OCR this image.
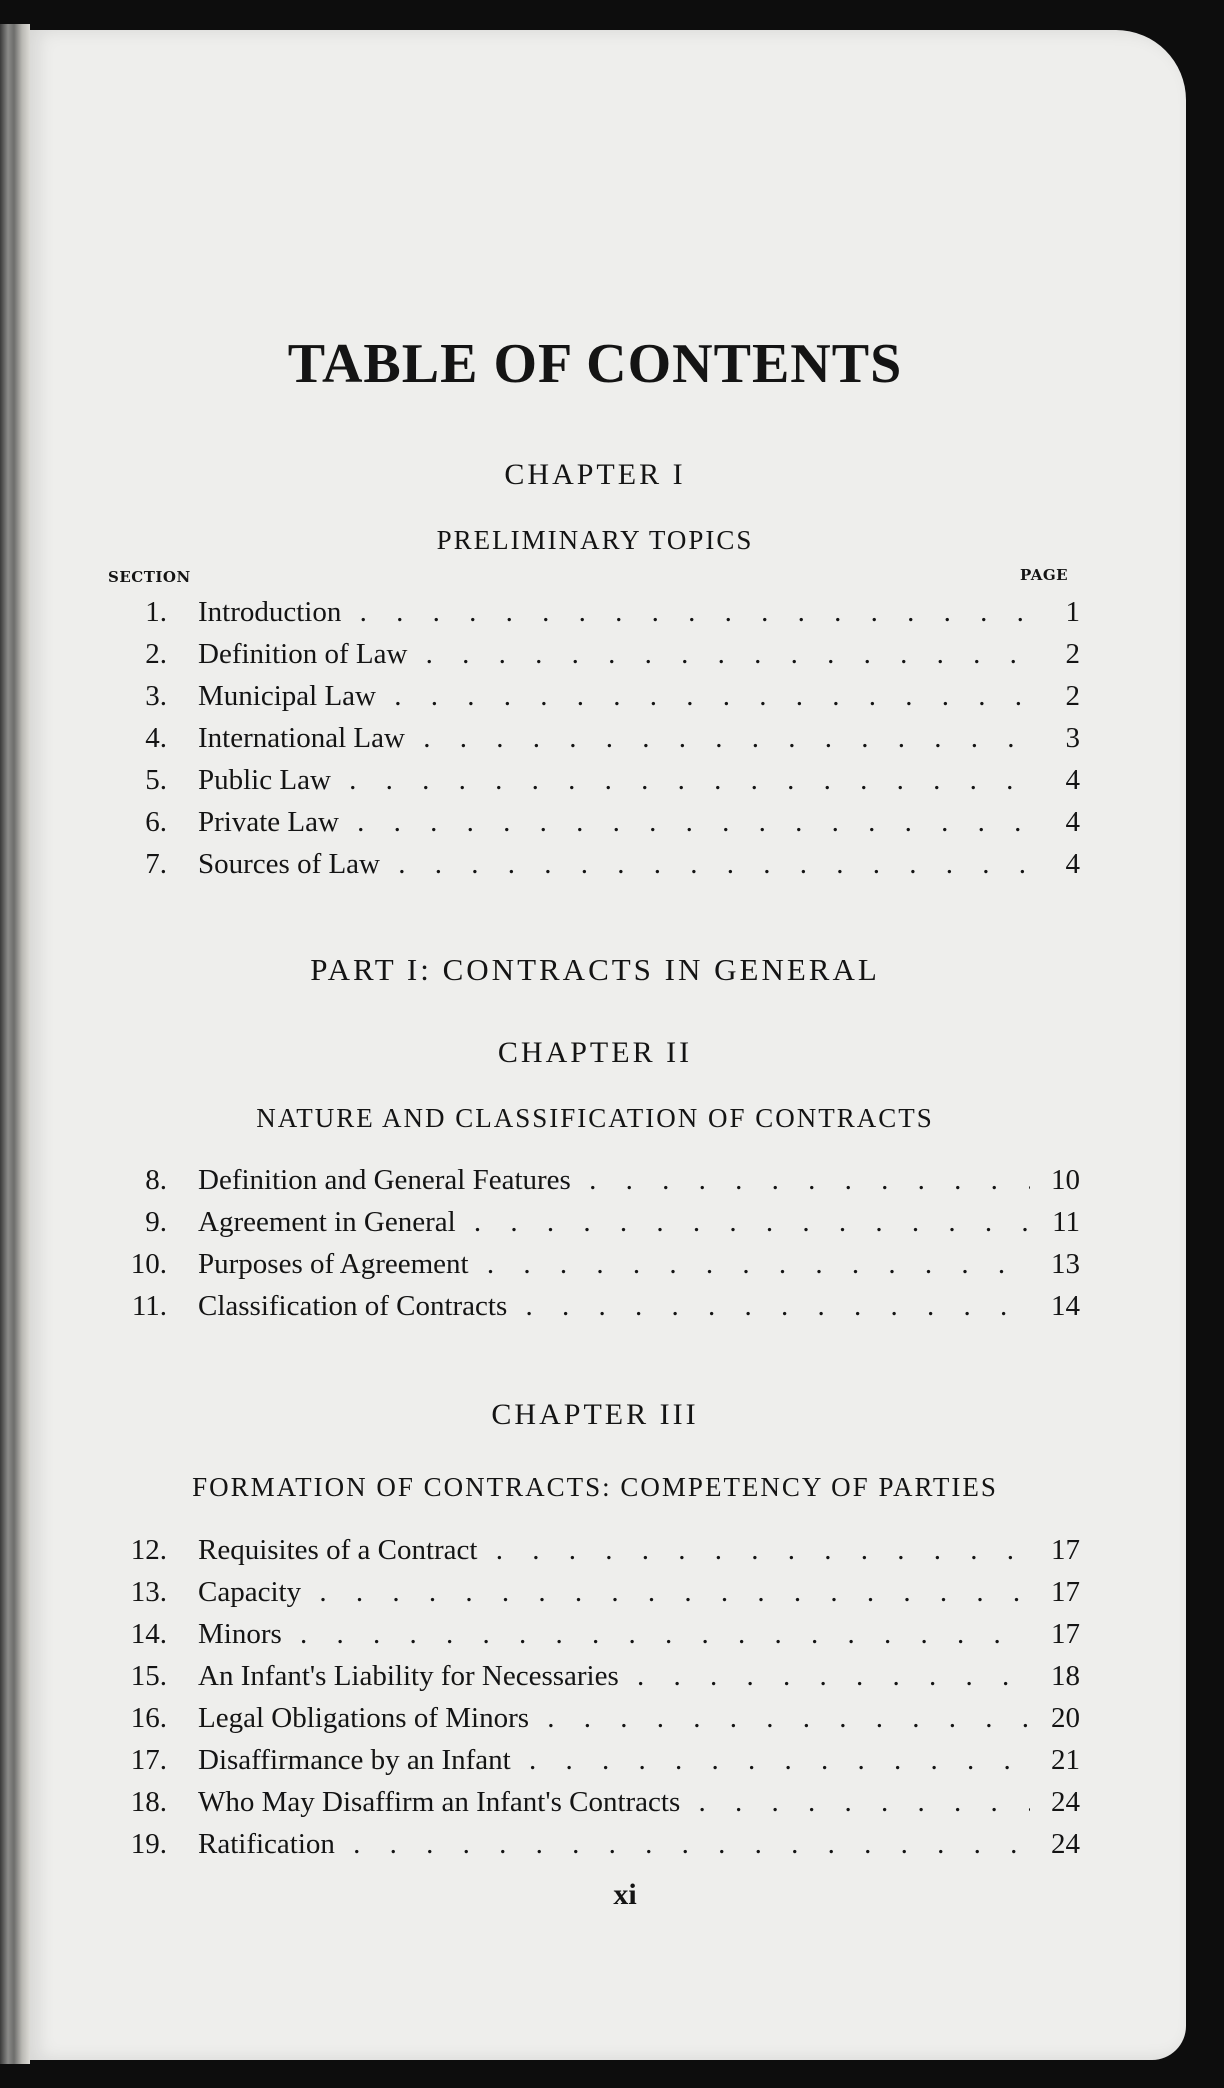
TABLE OF CONTENTS
CHAPTER I
PRELIMINARY TOPICS
SECTION	PAGE
1. Introduction . . .	1
2. Definition of Law . . .	2
3. Municipal Law . . .	2
4. International Law . . .	3
5. Public Law . . .	4
6. Private Law . . .	4
7. Sources of Law . . .	4
PART I: CONTRACTS IN GENERAL
CHAPTER II
NATURE AND CLASSIFICATION OF CONTRACTS
8. Definition and General Features . . .	10
9. Agreement in General . . .	11
10. Purposes of Agreement . . .	13
11. Classification of Contracts . . .	14
CHAPTER III
FORMATION OF CONTRACTS: COMPETENCY OF PARTIES
12. Requisites of a Contract . . .	17
13. Capacity . . .	17
14. Minors . . .	17
15. An Infant's Liability for Necessaries . . .	18
16. Legal Obligations of Minors . . .	20
17. Disaffirmance by an Infant . . .	21
18. Who May Disaffirm an Infant's Contracts . . .	24
19. Ratification . . .	24
xi
